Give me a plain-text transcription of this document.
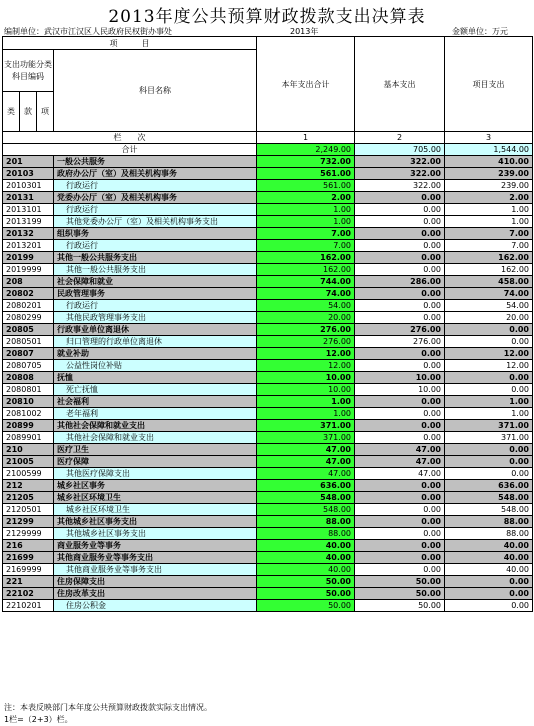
2013年度公共预算财政拨款支出决算表
编制单位：武汉市江汉区人民政府民权街办事处	2013年	金额单位：万元
项　　　目				本年支出合计	基本支出	项目支出
支出功能分类科目编码			科目名称			
类	款	项				
栏　　次				1	2	3
合计				2,249.00	705.00	1,544.00
201			一般公共服务	732.00	322.00	410.00
20103			政府办公厅（室）及相关机构事务	561.00	322.00	239.00
2010301			行政运行	561.00	322.00	239.00
20131			党委办公厅（室）及相关机构事务	2.00	0.00	2.00
2013101			行政运行	1.00	0.00	1.00
2013199			其他党委办公厅（室）及相关机构事务支出	1.00	0.00	1.00
20132			组织事务	7.00	0.00	7.00
2013201			行政运行	7.00	0.00	7.00
20199			其他一般公共服务支出	162.00	0.00	162.00
2019999			其他一般公共服务支出	162.00	0.00	162.00
208			社会保障和就业	744.00	286.00	458.00
20802			民政管理事务	74.00	0.00	74.00
2080201			行政运行	54.00	0.00	54.00
2080299			其他民政管理事务支出	20.00	0.00	20.00
20805			行政事业单位离退休	276.00	276.00	0.00
2080501			归口管理的行政单位离退休	276.00	276.00	0.00
20807			就业补助	12.00	0.00	12.00
2080705			公益性岗位补贴	12.00	0.00	12.00
20808			抚恤	10.00	10.00	0.00
2080801			死亡抚恤	10.00	10.00	0.00
20810			社会福利	1.00	0.00	1.00
2081002			老年福利	1.00	0.00	1.00
20899			其他社会保障和就业支出	371.00	0.00	371.00
2089901			其他社会保障和就业支出	371.00	0.00	371.00
210			医疗卫生	47.00	47.00	0.00
21005			医疗保障	47.00	47.00	0.00
2100599			其他医疗保障支出	47.00	47.00	0.00
212			城乡社区事务	636.00	0.00	636.00
21205			城乡社区环境卫生	548.00	0.00	548.00
2120501			城乡社区环境卫生	548.00	0.00	548.00
21299			其他城乡社区事务支出	88.00	0.00	88.00
2129999			其他城乡社区事务支出	88.00	0.00	88.00
216			商业服务业等事务	40.00	0.00	40.00
21699			其他商业服务业等事务支出	40.00	0.00	40.00
2169999			其他商业服务业等事务支出	40.00	0.00	40.00
221			住房保障支出	50.00	50.00	0.00
22102			住房改革支出	50.00	50.00	0.00
2210201			住房公积金	50.00	50.00	0.00
注：本表反映部门本年度公共预算财政拨款实际支出情况。
1栏=（2+3）栏。
